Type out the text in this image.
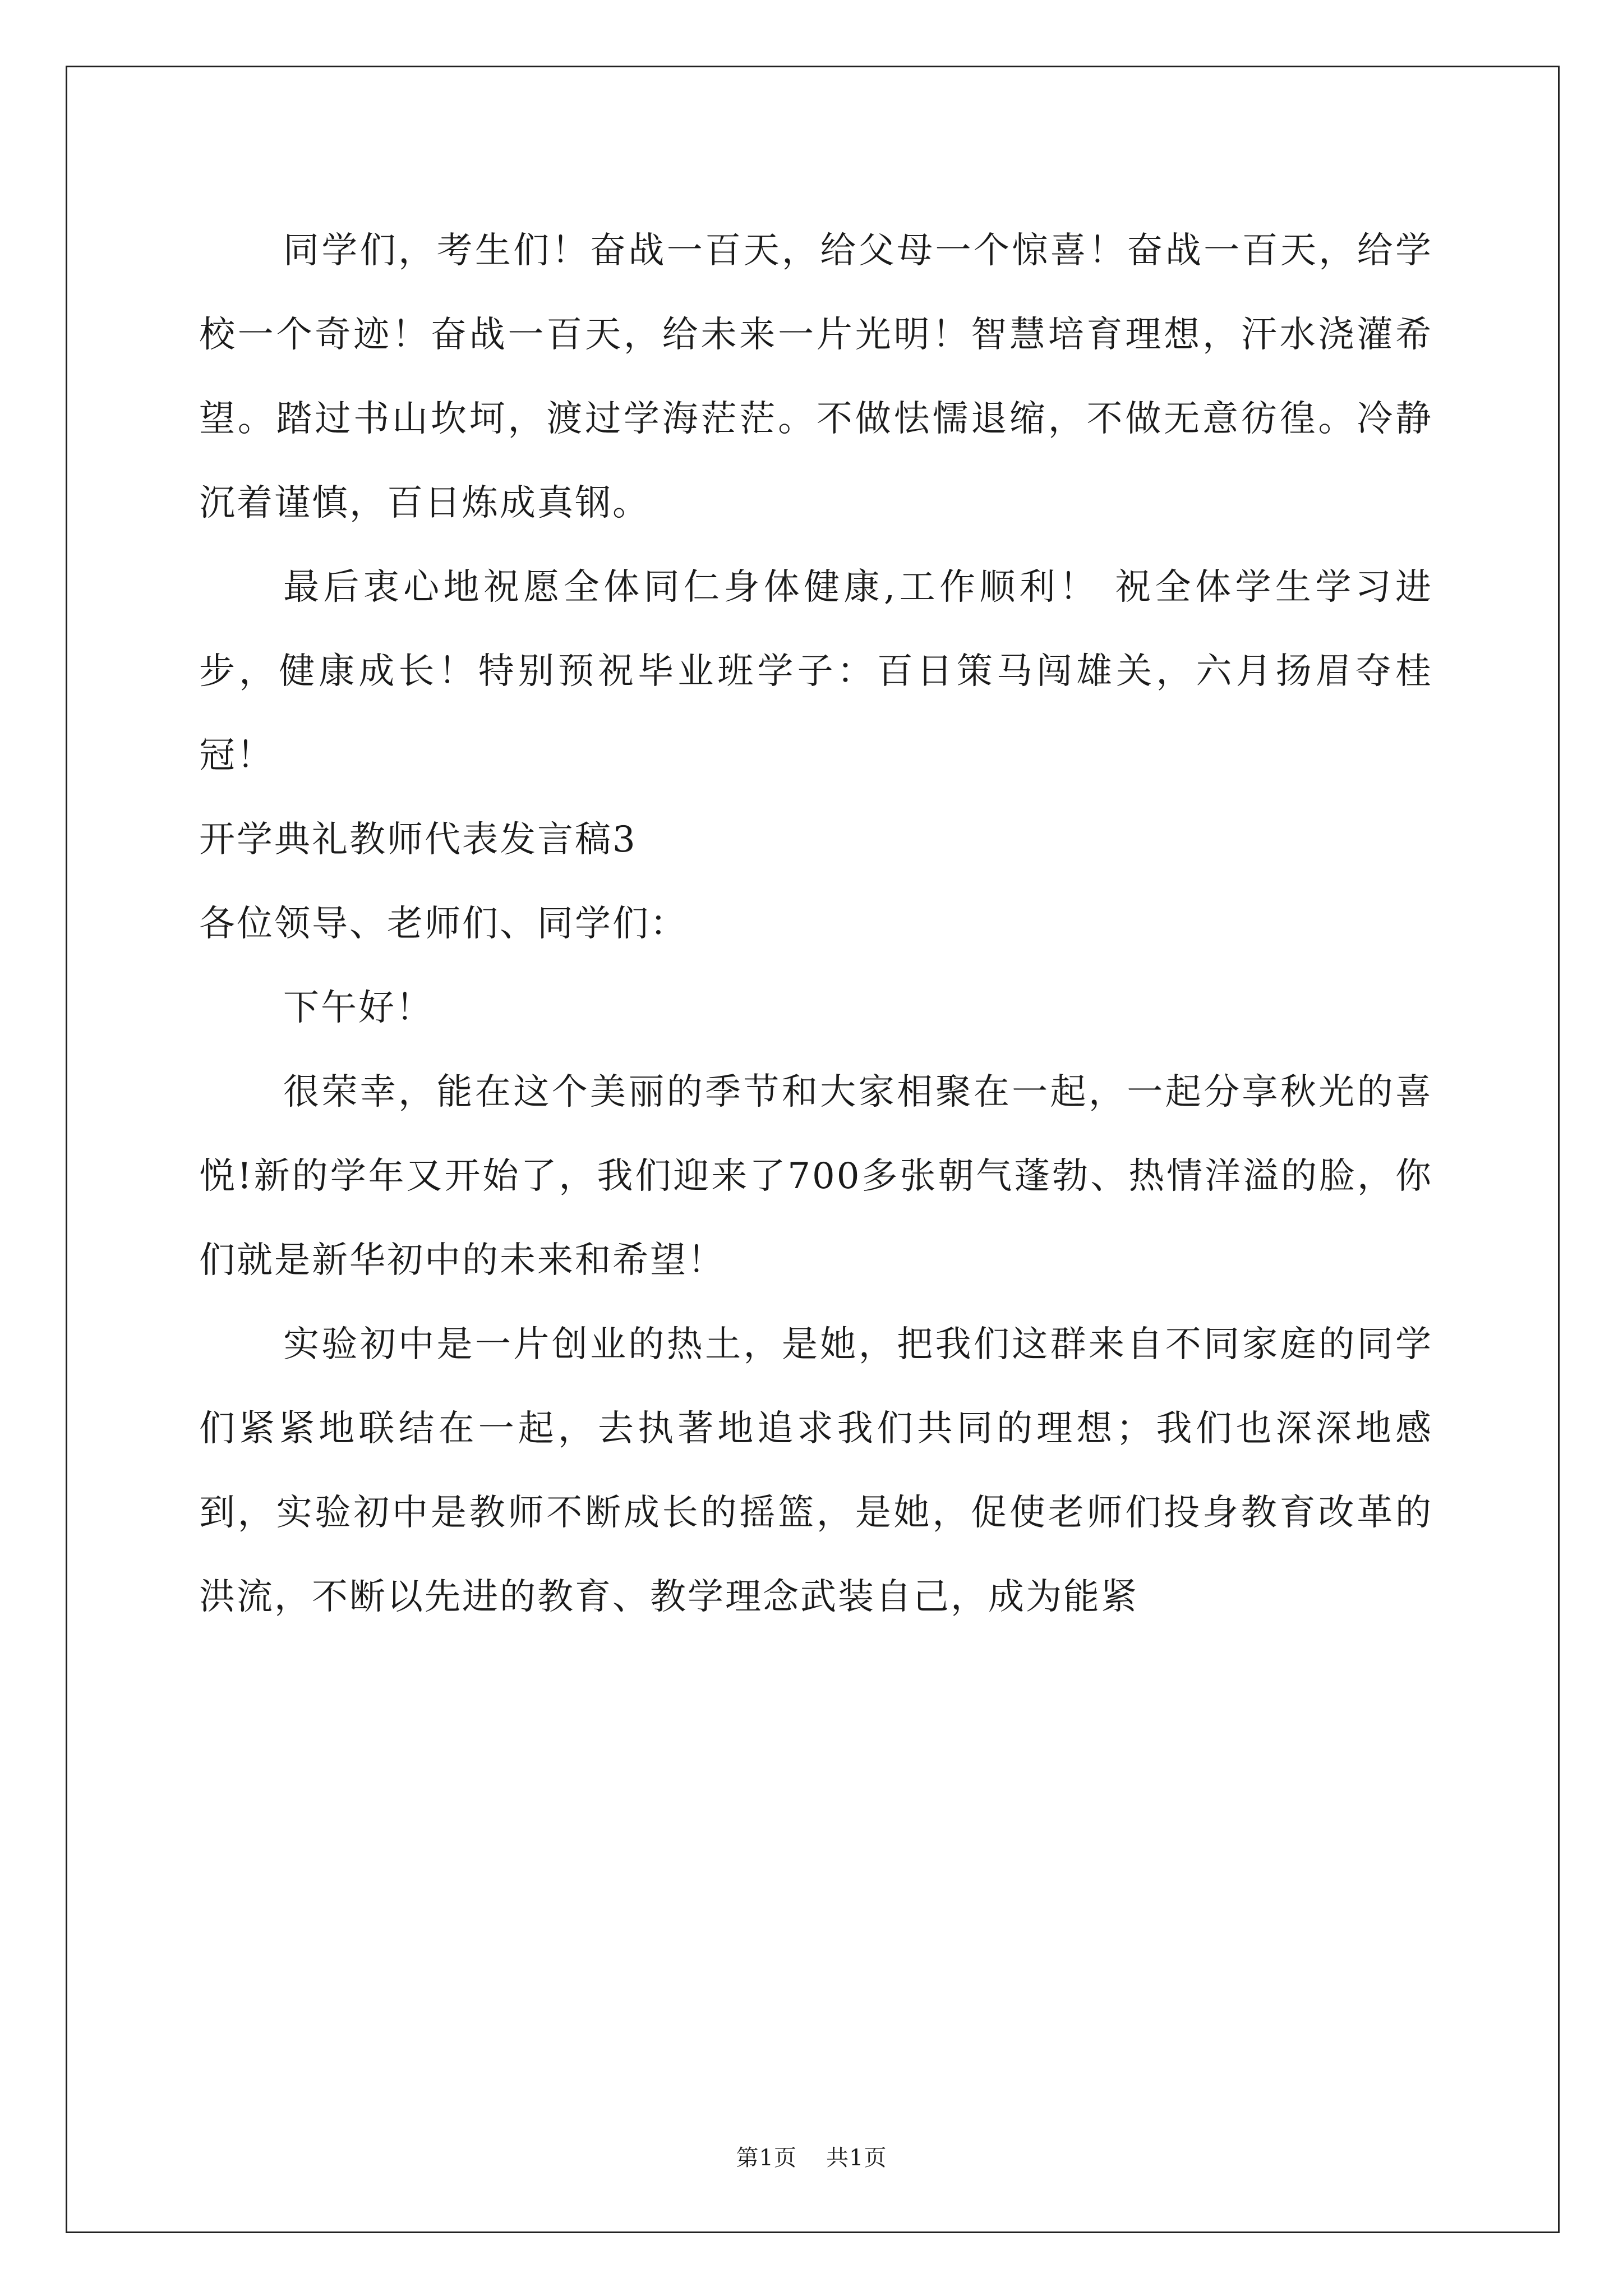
同学们，考生们！奋战一百天，给父母一个惊喜！奋战一百天，给学校一个奇迹！奋战一百天，给未来一片光明！智慧培育理想，汗水浇灌希望。踏过书山坎坷，渡过学海茫茫。不做怯懦退缩，不做无意彷徨。冷静沉着谨慎，百日炼成真钢。

最后衷心地祝愿全体同仁身体健康,工作顺利！ 祝全体学生学习进步，健康成长！特别预祝毕业班学子：百日策马闯雄关，六月扬眉夺桂冠！

开学典礼教师代表发言稿3

各位领导、老师们、同学们：

下午好！

很荣幸，能在这个美丽的季节和大家相聚在一起，一起分享秋光的喜悦!新的学年又开始了，我们迎来了700多张朝气蓬勃、热情洋溢的脸，你们就是新华初中的未来和希望！

实验初中是一片创业的热土，是她，把我们这群来自不同家庭的同学们紧紧地联结在一起，去执著地追求我们共同的理想；我们也深深地感到，实验初中是教师不断成长的摇篮，是她，促使老师们投身教育改革的洪流，不断以先进的教育、教学理念武装自己，成为能紧

第1页 共1页
